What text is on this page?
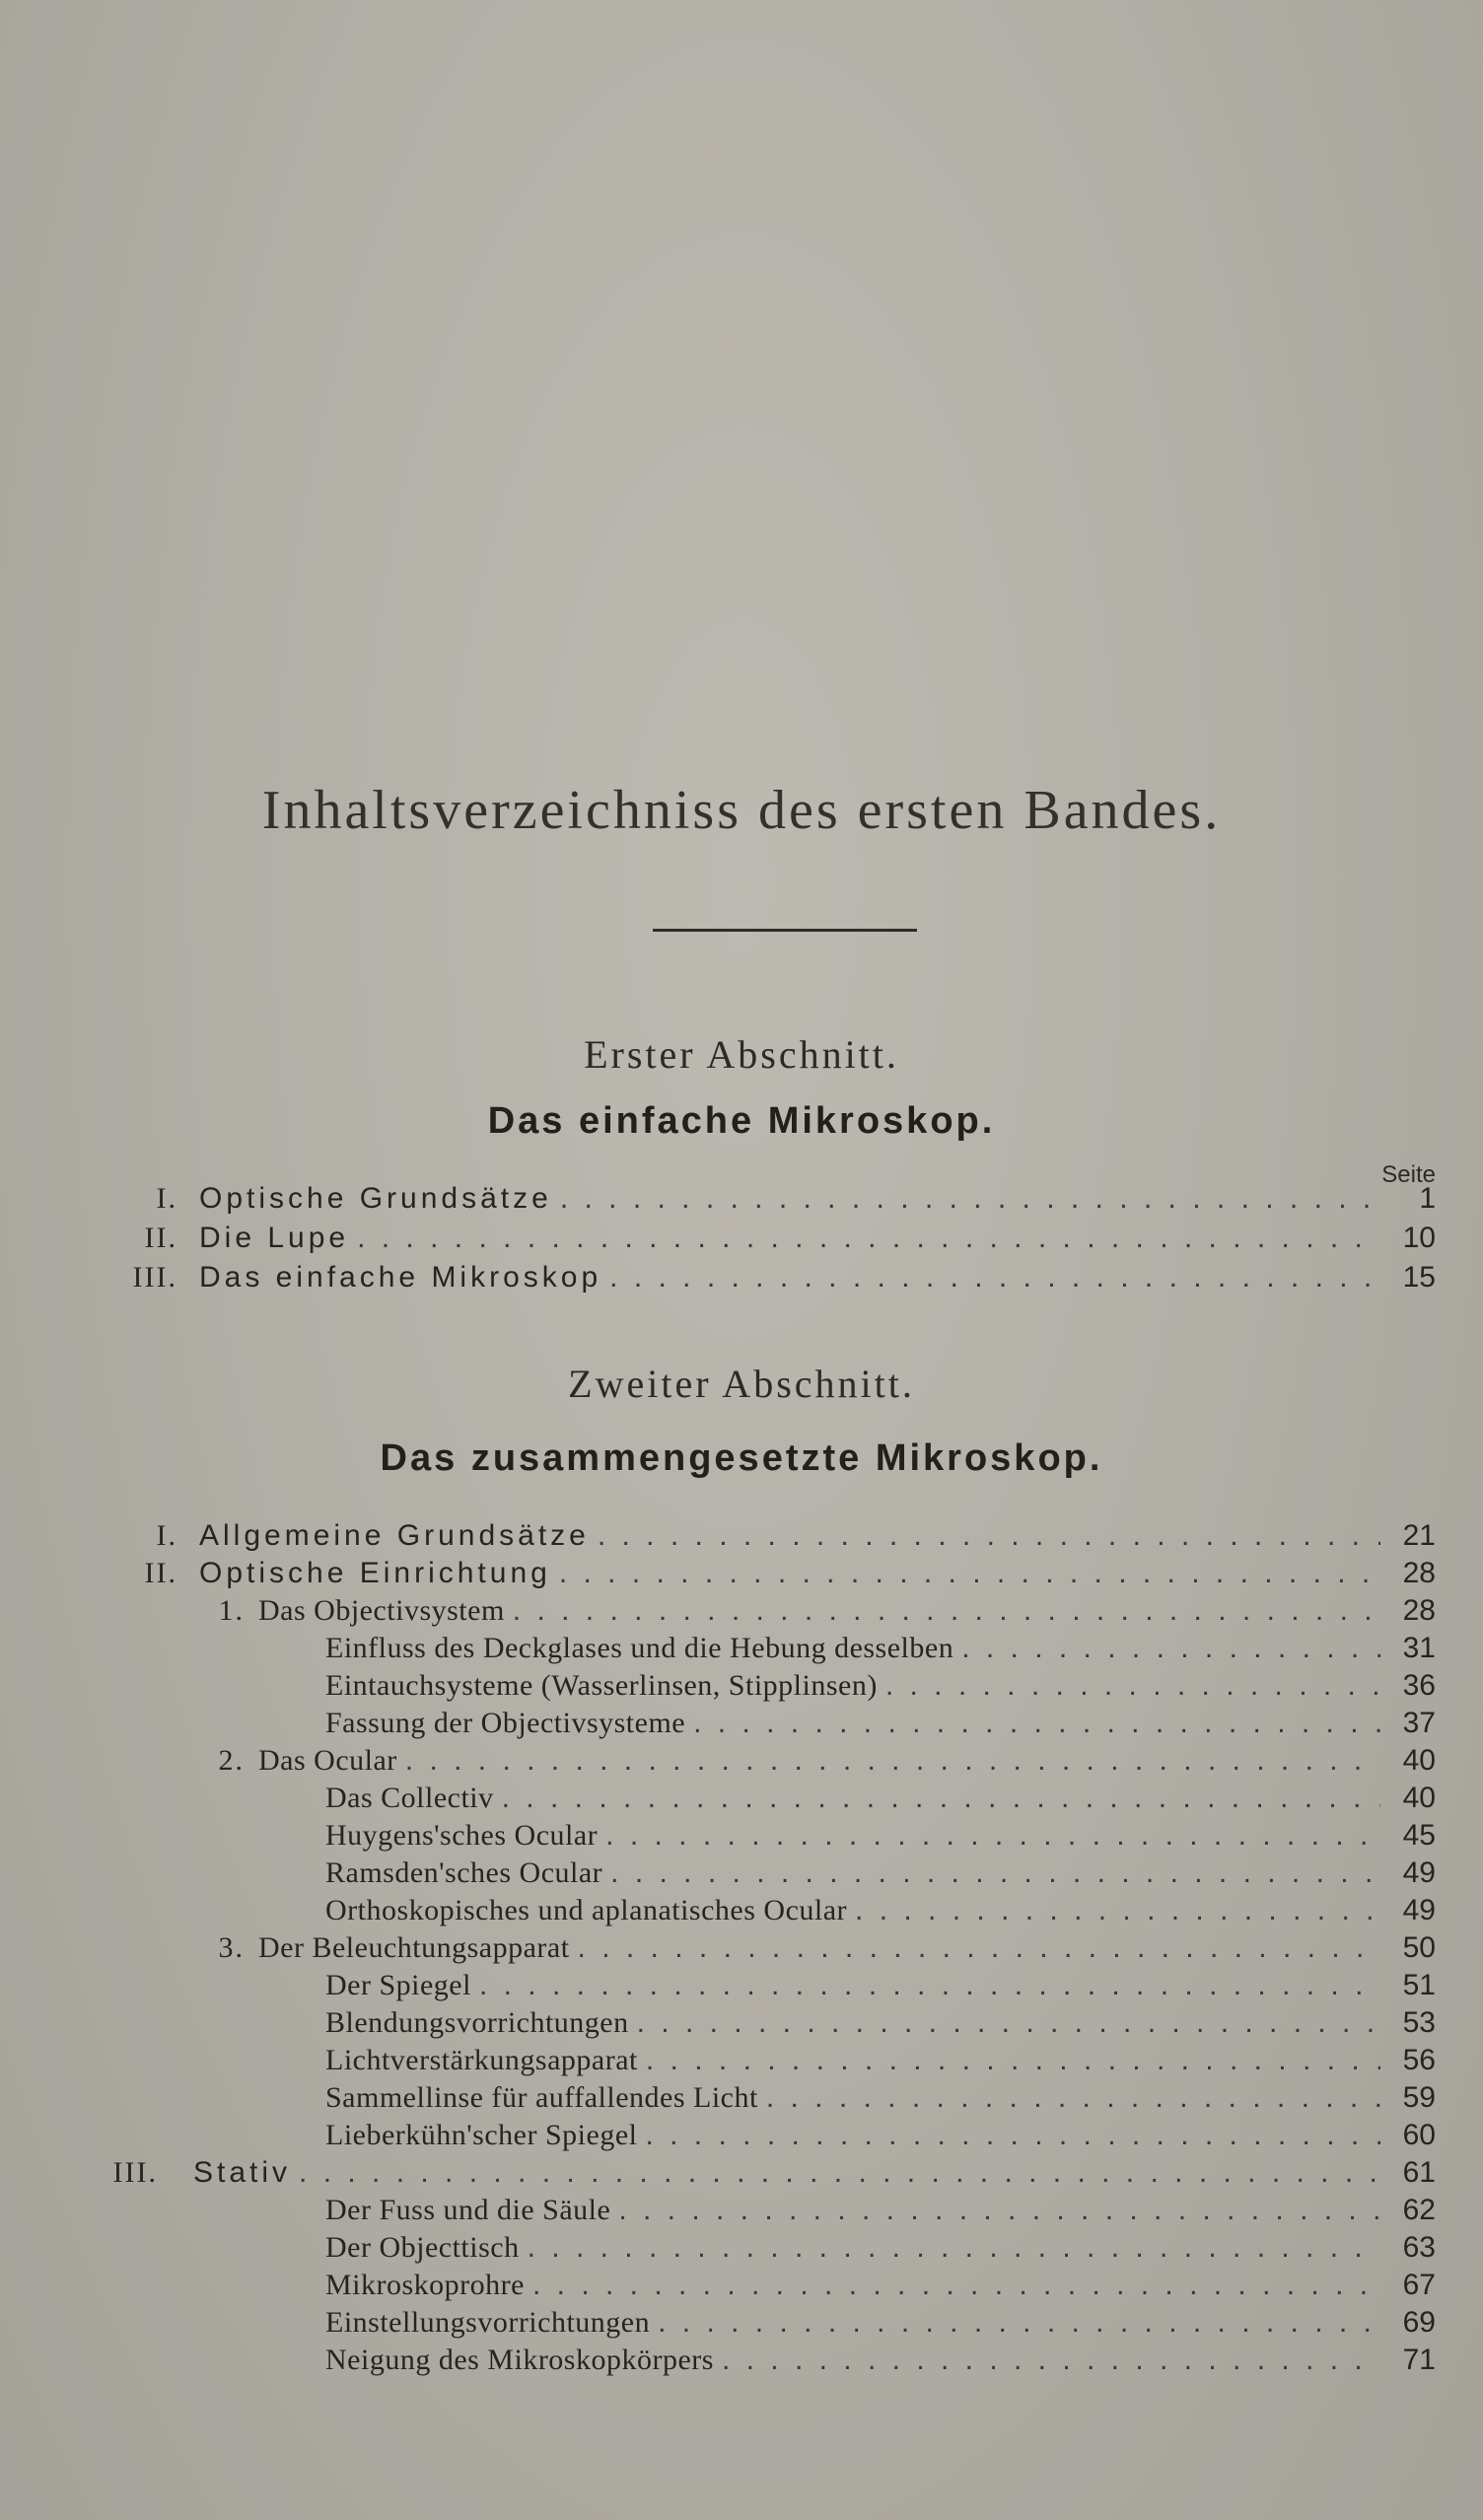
Inhaltsverzeichniss des ersten Bandes.
Erster Abschnitt.
Das einfache Mikroskop.
Seite
Zweiter Abschnitt.
Das zusammengesetzte Mikroskop.
I. Optische Grundsätze . . .	1
II. Die Lupe . . .	10
III. Das einfache Mikroskop . . .	15
I. Allgemeine Grundsätze . . .	21
II. Optische Einrichtung . . .	28
1. Das Objectivsystem . . .	28
Einfluss des Deckglases und die Hebung desselben . . .	31
Eintauchsysteme (Wasserlinsen, Stipplinsen) . . .	36
Fassung der Objectivsysteme . . .	37
2. Das Ocular . . .	40
Das Collectiv . . .	40
Huygens'sches Ocular . . .	45
Ramsden'sches Ocular . . .	49
Orthoskopisches und aplanatisches Ocular . . .	49
3. Der Beleuchtungsapparat . . .	50
Der Spiegel . . .	51
Blendungsvorrichtungen . . .	53
Lichtverstärkungsapparat . . .	56
Sammellinse für auffallendes Licht . . .	59
Lieberkühn'scher Spiegel . . .	60
III. Stativ . . .	61
Der Fuss und die Säule . . .	62
Der Objecttisch . . .	63
Mikroskoprohre . . .	67
Einstellungsvorrichtungen . . .	69
Neigung des Mikroskopkörpers . . .	71
